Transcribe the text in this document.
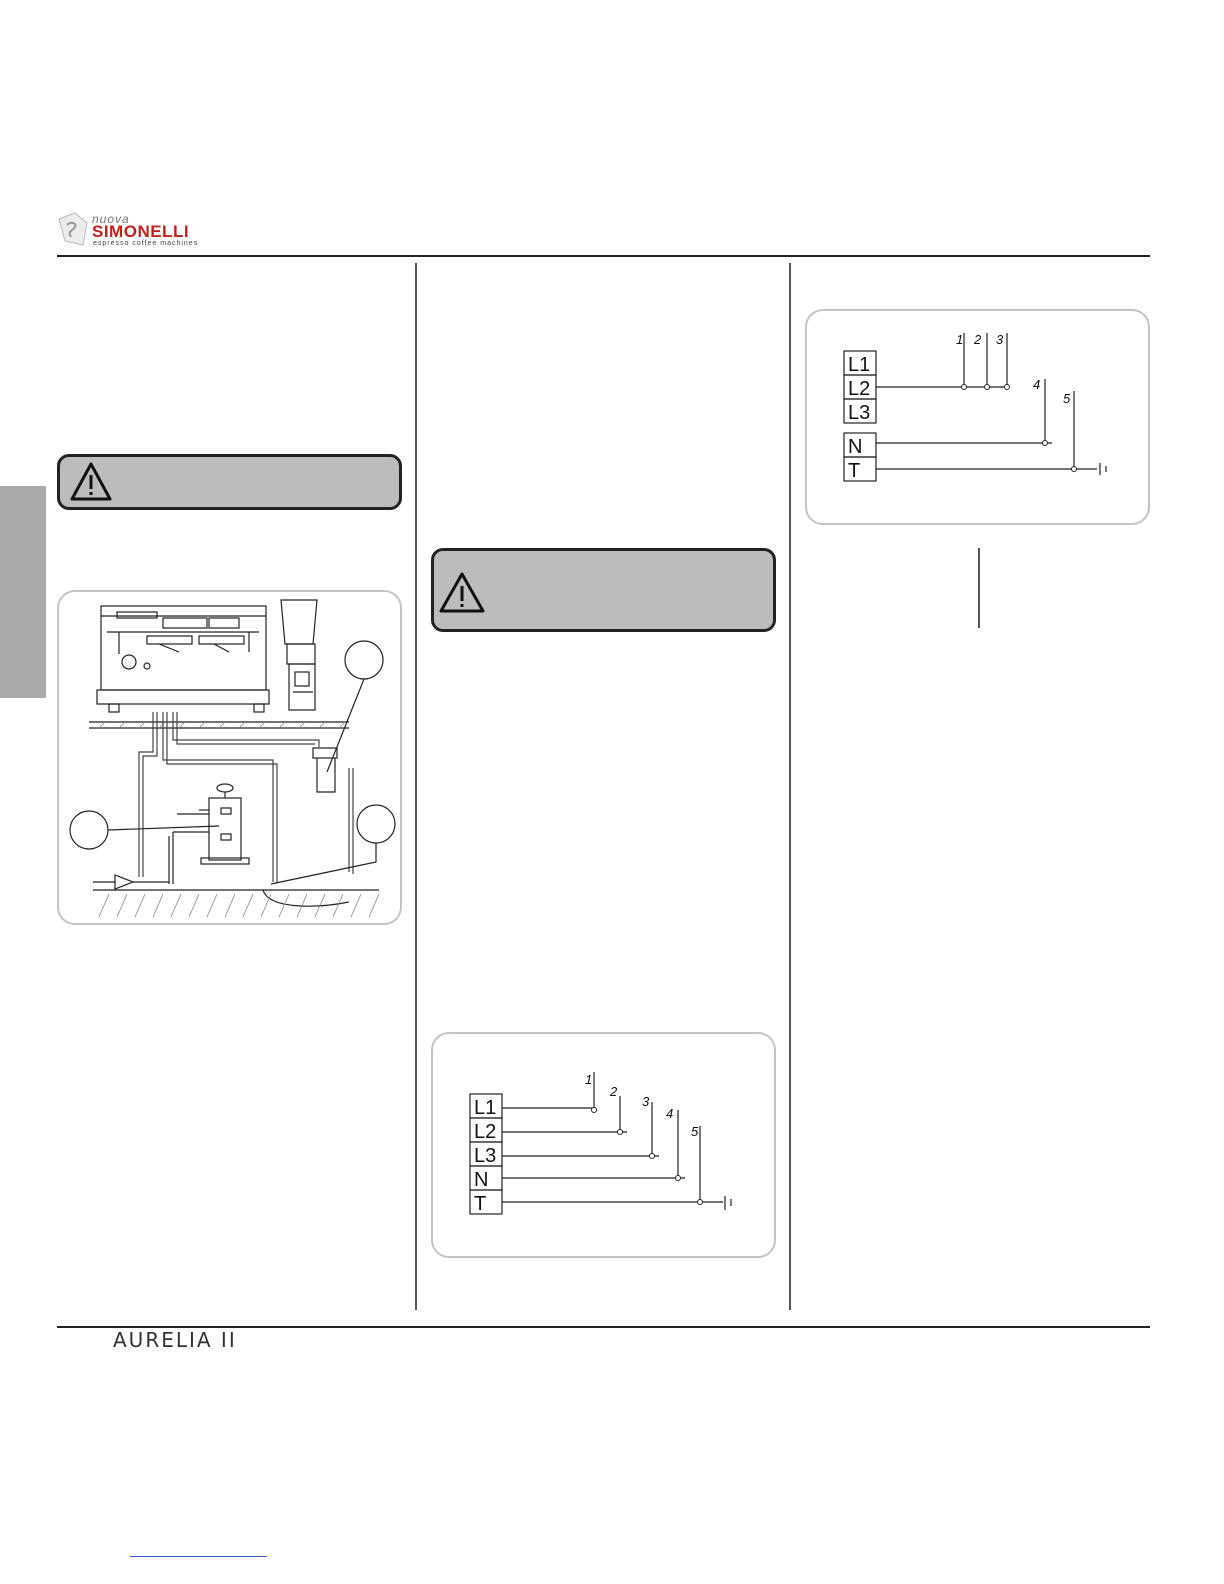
nuova
SIMONELLI
espresso coffee machines
L1
L2
L3
N
T
1
2
3
4
5
L1
L2
L3
N
T
1 2 3
4
5
AURELIA II
